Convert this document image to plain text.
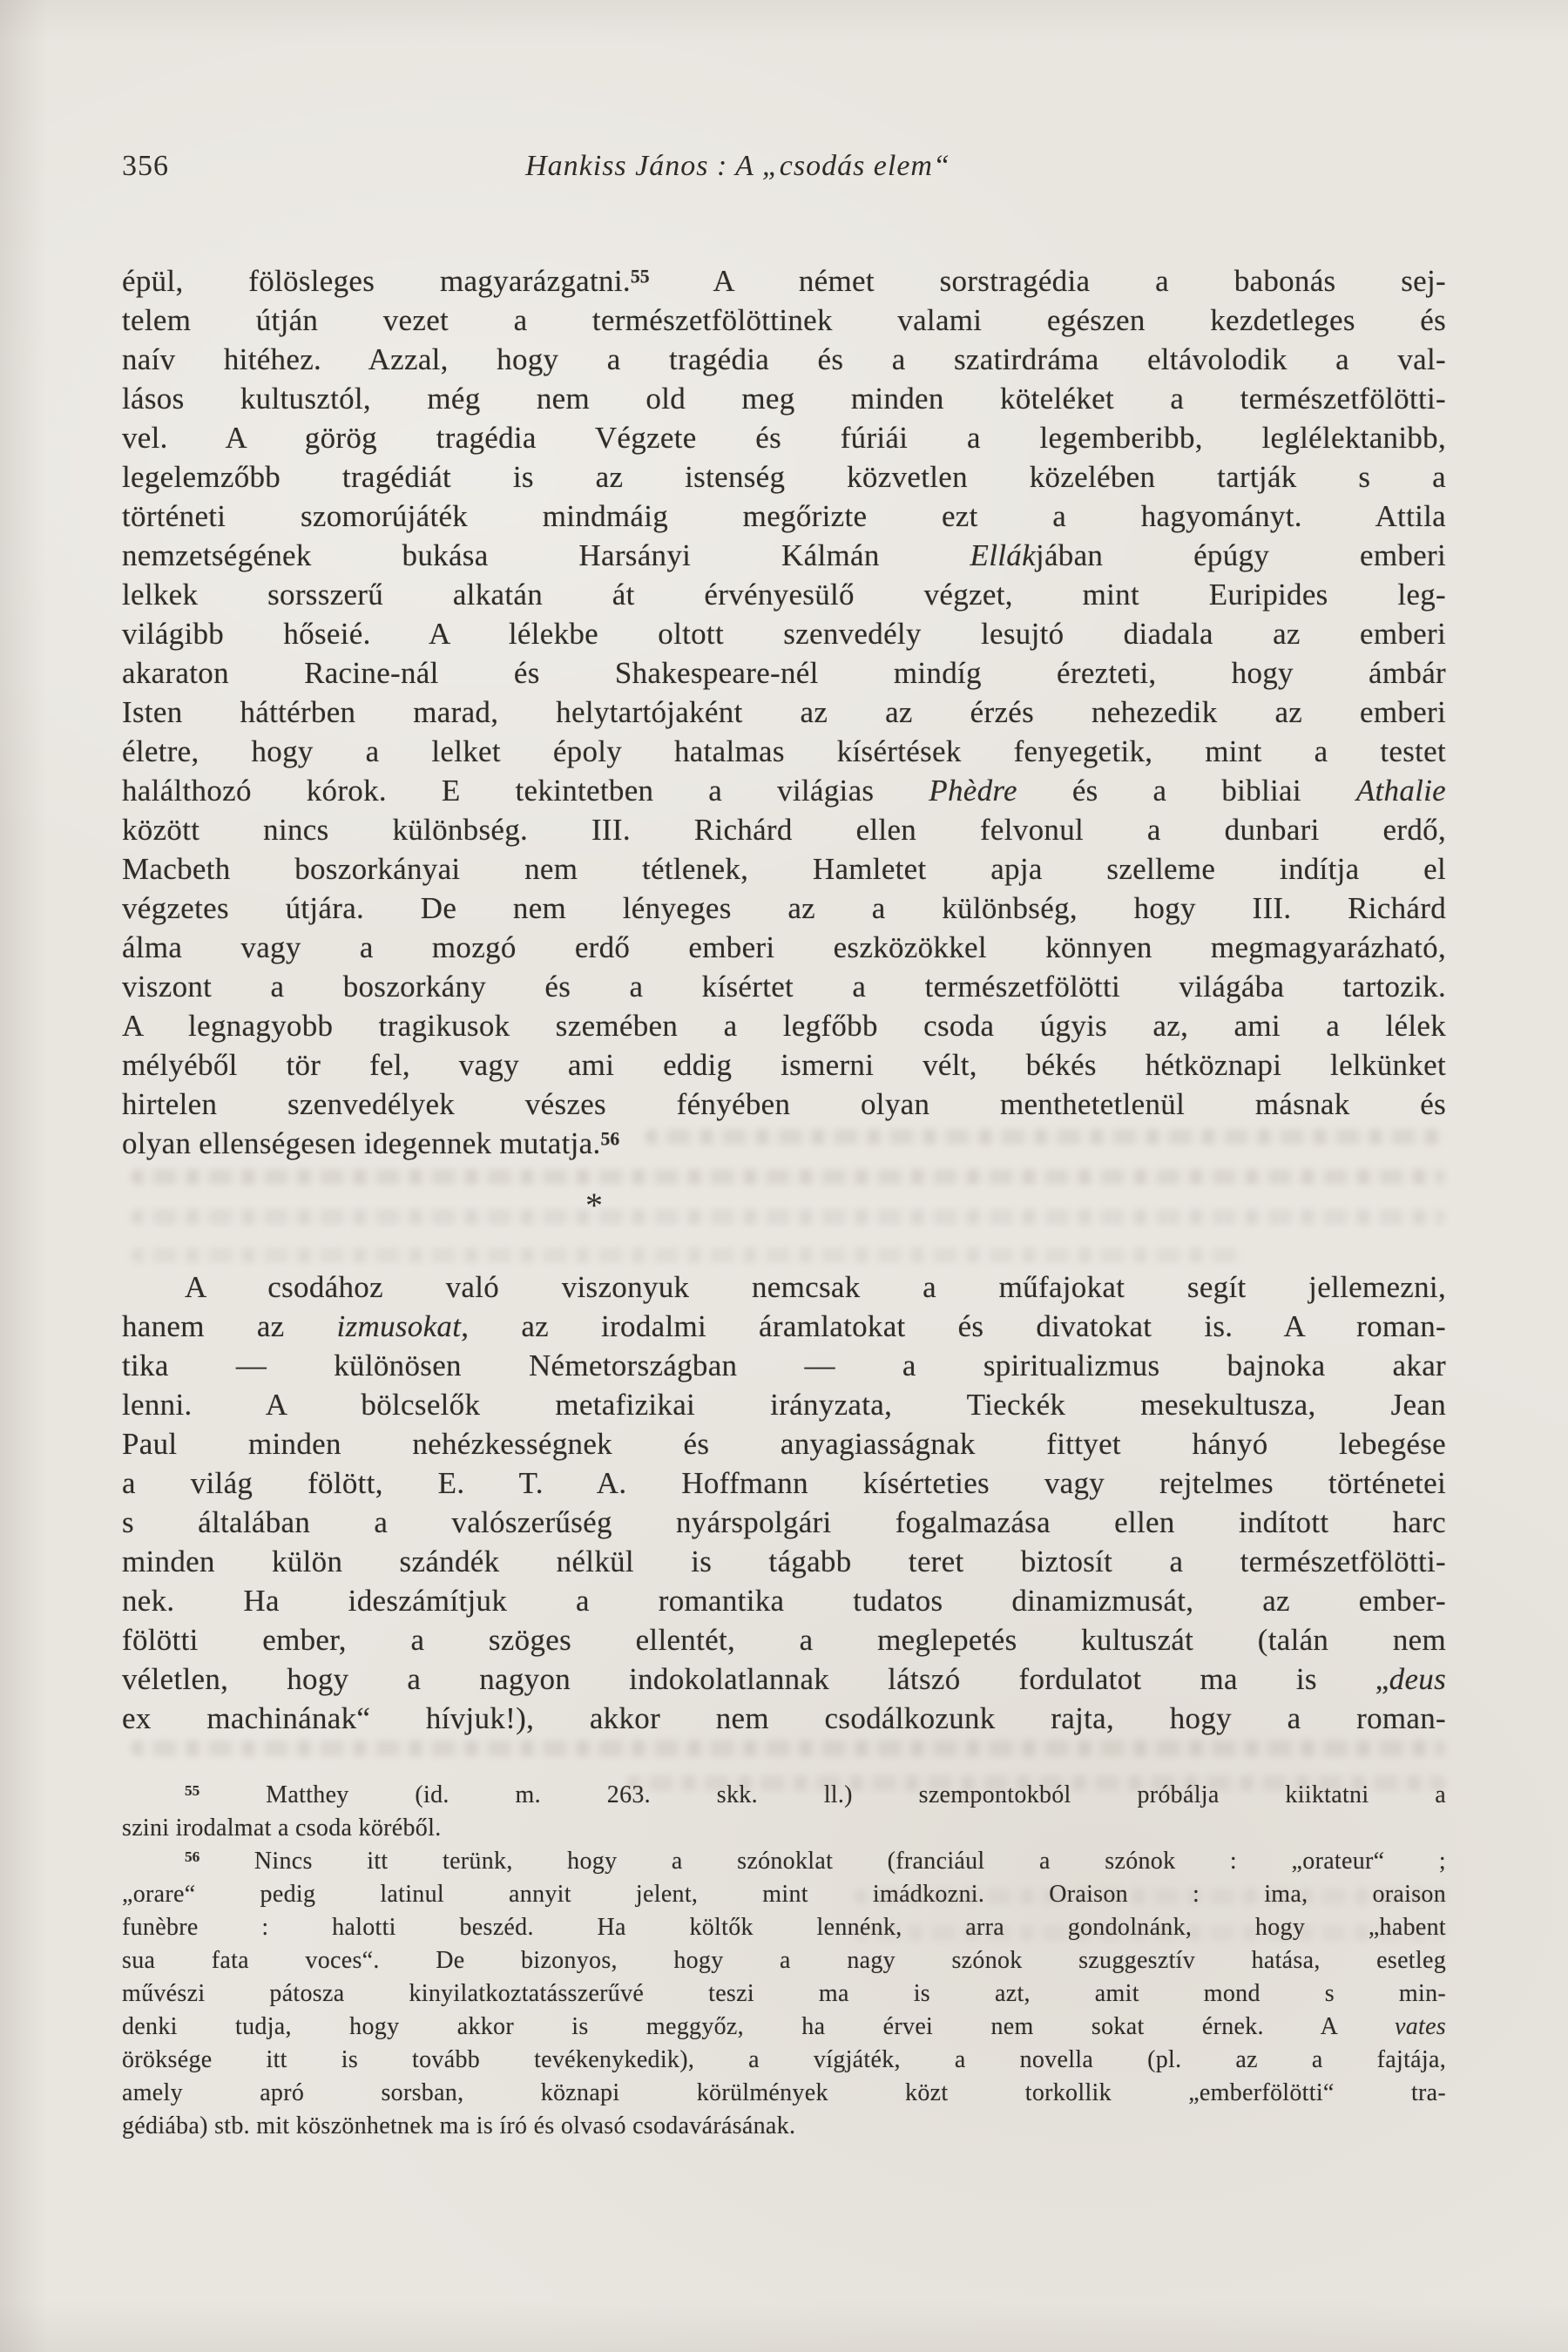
356	Hankiss János : A „csodás elem“
épül, fölösleges magyarázgatni.$^{55}$ A német sorstragédia a babonás sej-
telem útján vezet a természetfölöttinek valami egészen kezdetleges és
naív hitéhez. Azzal, hogy a tragédia és a szatirdráma eltávolodik a val-
lásos kultusztól, még nem old meg minden köteléket a természetfölötti-
vel. A görög tragédia Végzete és fúriái a legemberibb, leglélektanibb,
legelemzőbb tragédiát is az istenség közvetlen közelében tartják s a
történeti szomorújáték mindmáig megőrizte ezt a hagyományt. Attila
nemzetségének bukása Harsányi Kálmán Ellákjában épúgy emberi
lelkek sorsszerű alkatán át érvényesülő végzet, mint Euripides leg-
világibb hőseié. A lélekbe oltott szenvedély lesujtó diadala az emberi
akaraton Racine-nál és Shakespeare-nél mindíg érezteti, hogy ámbár
Isten háttérben marad, helytartójaként az az érzés nehezedik az emberi
életre, hogy a lelket époly hatalmas kísértések fenyegetik, mint a testet
halálthozó kórok. E tekintetben a világias Phèdre és a bibliai Athalie
között nincs különbség. III. Richárd ellen felvonul a dunbari erdő,
Macbeth boszorkányai nem tétlenek, Hamletet apja szelleme indítja el
végzetes útjára. De nem lényeges az a különbség, hogy III. Richárd
álma vagy a mozgó erdő emberi eszközökkel könnyen megmagyarázható,
viszont a boszorkány és a kísértet a természetfölötti világába tartozik.
A legnagyobb tragikusok szemében a legfőbb csoda úgyis az, ami a lélek
mélyéből tör fel, vagy ami eddig ismerni vélt, békés hétköznapi lelkünket
hirtelen szenvedélyek vészes fényében olyan menthetetlenül másnak és
olyan ellenségesen idegennek mutatja.$^{56}$
*
A csodához való viszonyuk nemcsak a műfajokat segít jellemezni,
hanem az izmusokat, az irodalmi áramlatokat és divatokat is. A roman-
tika — különösen Németországban — a spiritualizmus bajnoka akar
lenni. A bölcselők metafizikai irányzata, Tieckék mesekultusza, Jean
Paul minden nehézkességnek és anyagiasságnak fittyet hányó lebegése
a világ fölött, E. T. A. Hoffmann kísérteties vagy rejtelmes történetei
s általában a valószerűség nyárspolgári fogalmazása ellen indított harc
minden külön szándék nélkül is tágabb teret biztosít a természetfölötti-
nek. Ha ideszámítjuk a romantika tudatos dinamizmusát, az ember-
fölötti ember, a szöges ellentét, a meglepetés kultuszát (talán nem
véletlen, hogy a nagyon indokolatlannak látszó fordulatot ma is „deus
ex machinának“ hívjuk!), akkor nem csodálkozunk rajta, hogy a roman-
$^{55}$ Matthey (id. m. 263. skk. ll.) szempontokból próbálja kiiktatni a
szini irodalmat a csoda köréből.
$^{56}$ Nincs itt terünk, hogy a szónoklat (franciául a szónok : „orateur“ ;
„orare“ pedig latinul annyit jelent, mint imádkozni. Oraison : ima, oraison
funèbre : halotti beszéd. Ha költők lennénk, arra gondolnánk, hogy „habent
sua fata voces“. De bizonyos, hogy a nagy szónok szuggesztív hatása, esetleg
művészi pátosza kinyilatkoztatásszerűvé teszi ma is azt, amit mond s min-
denki tudja, hogy akkor is meggyőz, ha érvei nem sokat érnek. A vates
öröksége itt is tovább tevékenykedik), a vígjáték, a novella (pl. az a fajtája,
amely apró sorsban, köznapi körülmények közt torkollik „emberfölötti“ tra-
gédiába) stb. mit köszönhetnek ma is író és olvasó csodavárásának.
